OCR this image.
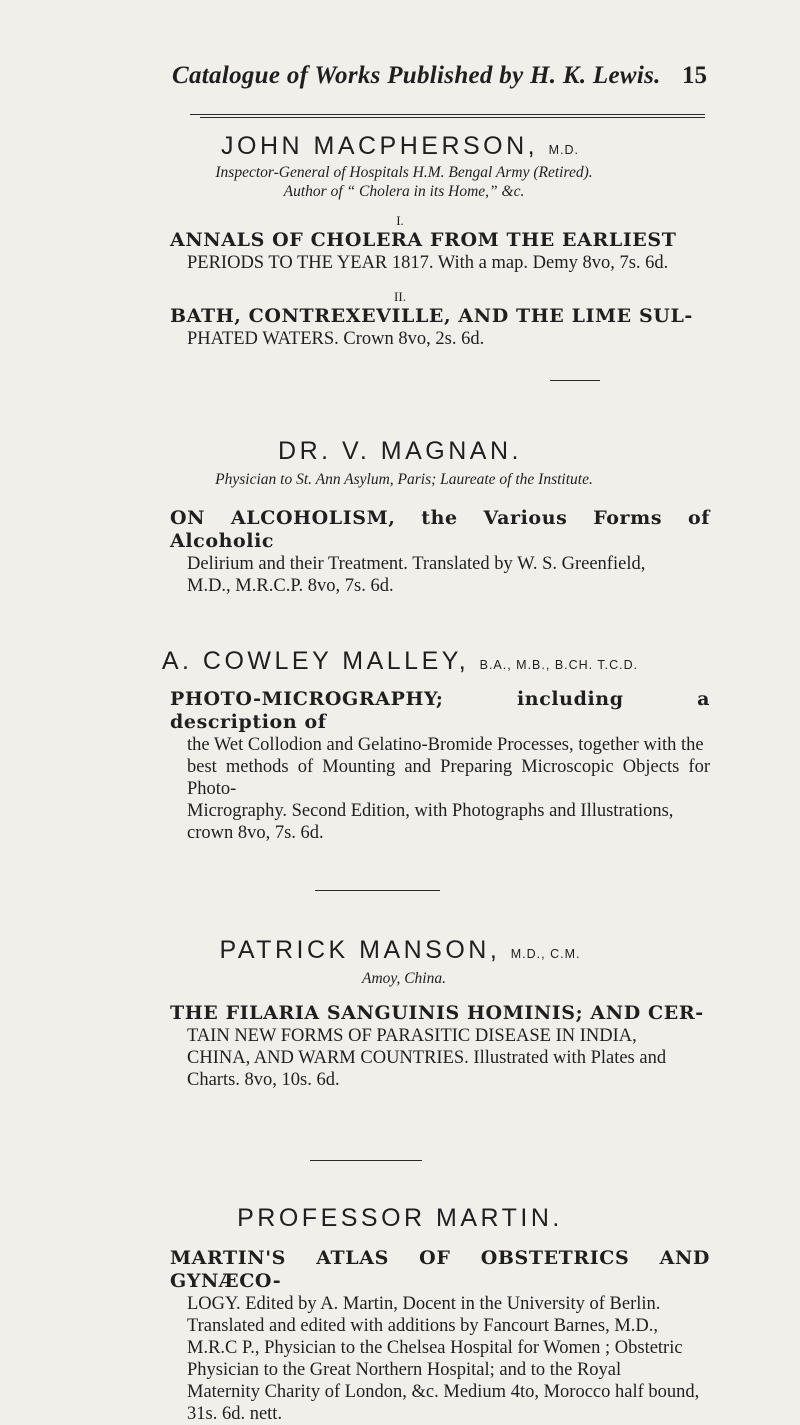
Catalogue of Works Published by H. K. Lewis. 15
JOHN MACPHERSON, M.D.
Inspector-General of Hospitals H.M. Bengal Army (Retired).
Author of “ Cholera in its Home,” &c.
I.
ANNALS OF CHOLERA FROM THE EARLIEST
PERIODS TO THE YEAR 1817. With a map. Demy 8vo, 7s. 6d.
II.
BATH, CONTREXEVILLE, AND THE LIME SUL-
PHATED WATERS. Crown 8vo, 2s. 6d.
DR. V. MAGNAN.
Physician to St. Ann Asylum, Paris; Laureate of the Institute.
ON ALCOHOLISM, the Various Forms of Alcoholic
Delirium and their Treatment. Translated by W. S. Greenfield,
M.D., M.R.C.P. 8vo, 7s. 6d.
A. COWLEY MALLEY, B.A., M.B., B.CH. T.C.D.
PHOTO-MICROGRAPHY; including a description of
the Wet Collodion and Gelatino-Bromide Processes, together with the
best methods of Mounting and Preparing Microscopic Objects for Photo-
Micrography. Second Edition, with Photographs and Illustrations,
crown 8vo, 7s. 6d.
PATRICK MANSON, M.D., C.M.
Amoy, China.
THE FILARIA SANGUINIS HOMINIS; AND CER-
TAIN NEW FORMS OF PARASITIC DISEASE IN INDIA,
CHINA, AND WARM COUNTRIES. Illustrated with Plates and
Charts. 8vo, 10s. 6d.
PROFESSOR MARTIN.
MARTIN'S ATLAS OF OBSTETRICS AND GYNÆCO-
LOGY. Edited by A. Martin, Docent in the University of Berlin.
Translated and edited with additions by Fancourt Barnes, M.D.,
M.R.C P., Physician to the Chelsea Hospital for Women ; Obstetric
Physician to the Great Northern Hospital; and to the Royal
Maternity Charity of London, &c. Medium 4to, Morocco half bound,
31s. 6d. nett.
